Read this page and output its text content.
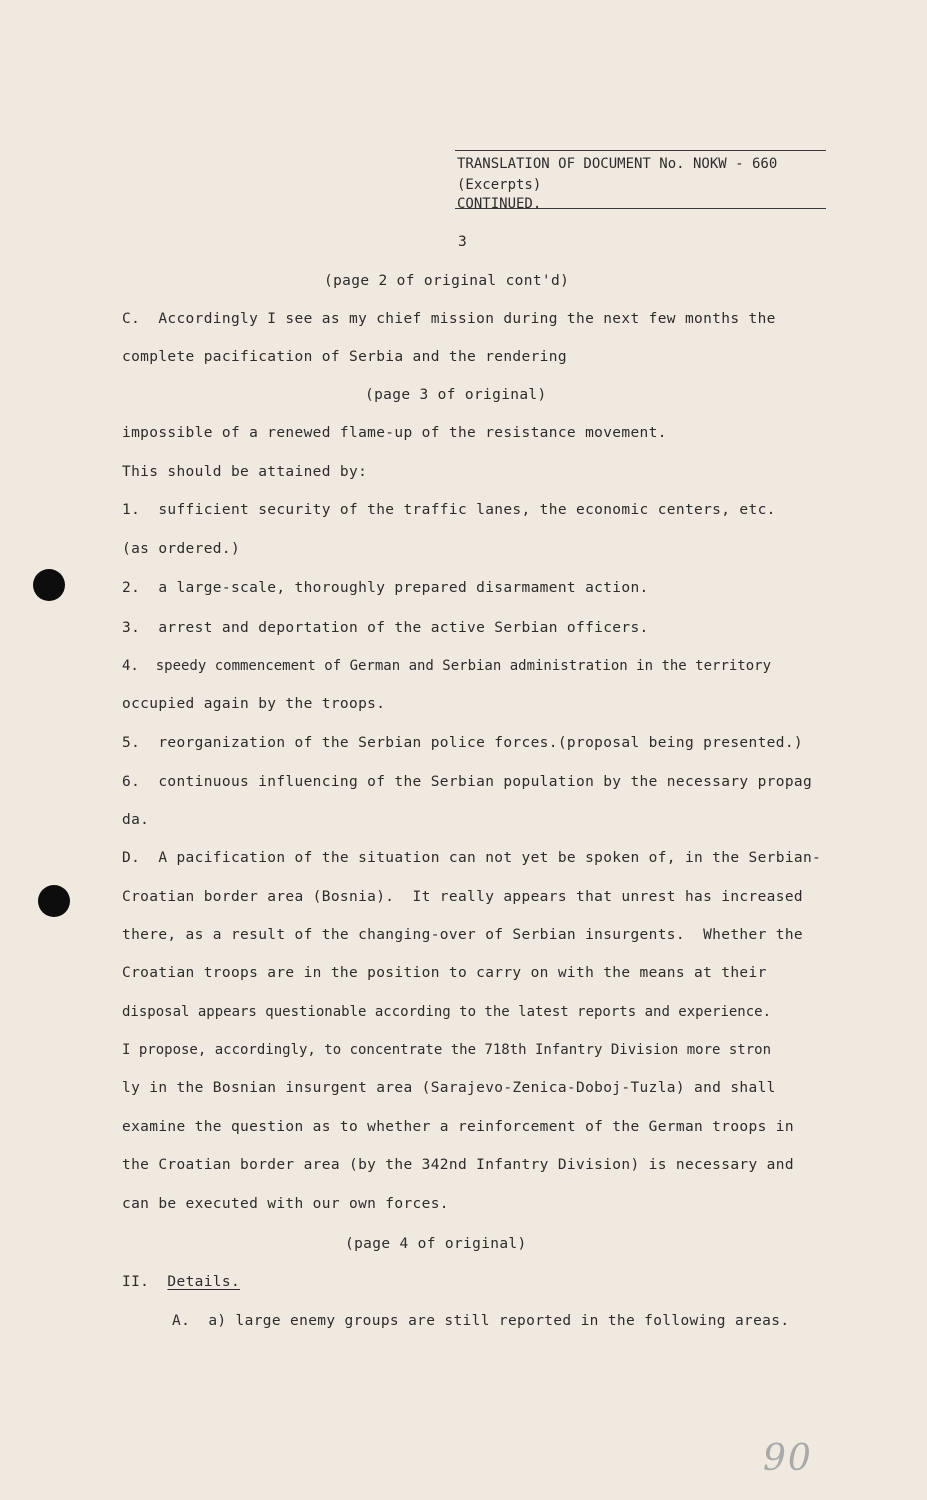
TRANSLATION OF DOCUMENT No. NOKW - 660
(Excerpts)
CONTINUED.
3
(page 2 of original cont'd)
C.  Accordingly I see as my chief mission during the next few months the
complete pacification of Serbia and the rendering
(page 3 of original)
impossible of a renewed flame-up of the resistance movement.
This should be attained by:
1.  sufficient security of the traffic lanes, the economic centers, etc.
(as ordered.)
2.  a large-scale, thoroughly prepared disarmament action.
3.  arrest and deportation of the active Serbian officers.
4.  speedy commencement of German and Serbian administration in the territory
occupied again by the troops.
5.  reorganization of the Serbian police forces.(proposal being presented.)
6.  continuous influencing of the Serbian population by the necessary propag
da.
D.  A pacification of the situation can not yet be spoken of, in the Serbian-
Croatian border area (Bosnia).  It really appears that unrest has increased
there, as a result of the changing-over of Serbian insurgents.  Whether the
Croatian troops are in the position to carry on with the means at their
disposal appears questionable according to the latest reports and experience.
I propose, accordingly, to concentrate the 718th Infantry Division more stron
ly in the Bosnian insurgent area (Sarajevo-Zenica-Doboj-Tuzla) and shall
examine the question as to whether a reinforcement of the German troops in
the Croatian border area (by the 342nd Infantry Division) is necessary and
can be executed with our own forces.
(page 4 of original)
II.  Details.
A.  a) large enemy groups are still reported in the following areas.
90
